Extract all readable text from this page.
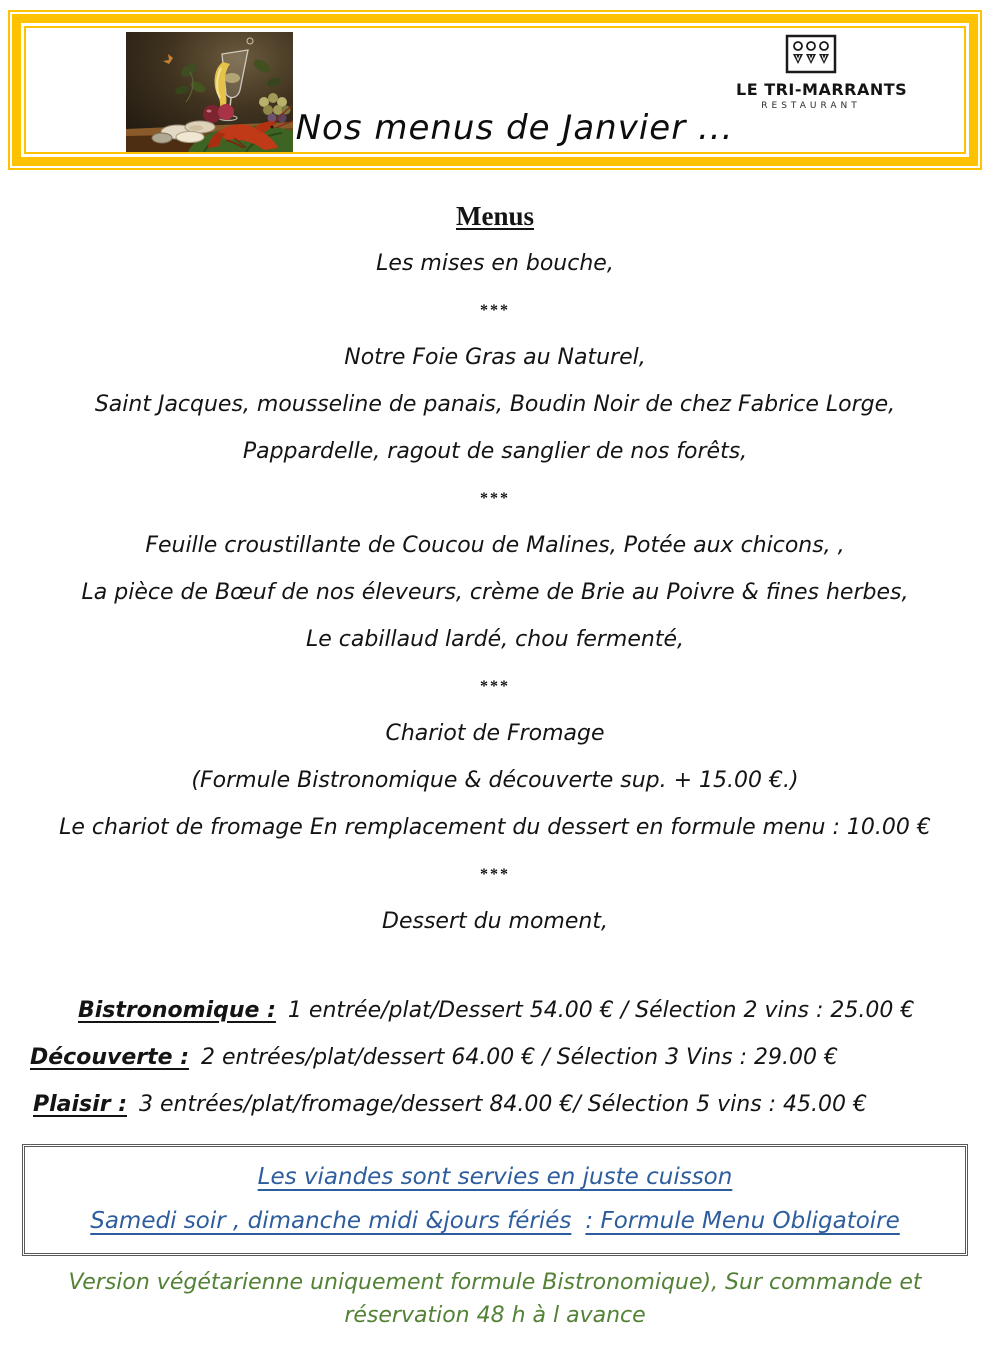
Nos menus de Janvier ...
LE TRI-MARRANTS
RESTAURANT
Menus
Les mises en bouche,
***
Notre Foie Gras au Naturel,
Saint Jacques, mousseline de panais, Boudin Noir de chez Fabrice Lorge,
Pappardelle, ragout de sanglier de nos forêts,
***
Feuille croustillante de Coucou de Malines, Potée aux chicons, ,
La pièce de Bœuf de nos éleveurs, crème de Brie au Poivre & fines herbes,
Le cabillaud lardé, chou fermenté,
***
Chariot de Fromage
(Formule Bistronomique & découverte sup. + 15.00 €.)
Le chariot de fromage En remplacement du dessert en formule menu : 10.00 €
***
Dessert du moment,
Bistronomique : 1 entrée/plat/Dessert 54.00 € / Sélection 2 vins : 25.00 €
Découverte : 2 entrées/plat/dessert 64.00 € / Sélection 3 Vins : 29.00 €
Plaisir : 3 entrées/plat/fromage/dessert 84.00 €/ Sélection 5 vins : 45.00 €
Les viandes sont servies en juste cuisson
Samedi soir , dimanche midi &jours fériés : Formule Menu Obligatoire
Version végétarienne uniquement formule Bistronomique), Sur commande et
réservation 48 h à l avance
